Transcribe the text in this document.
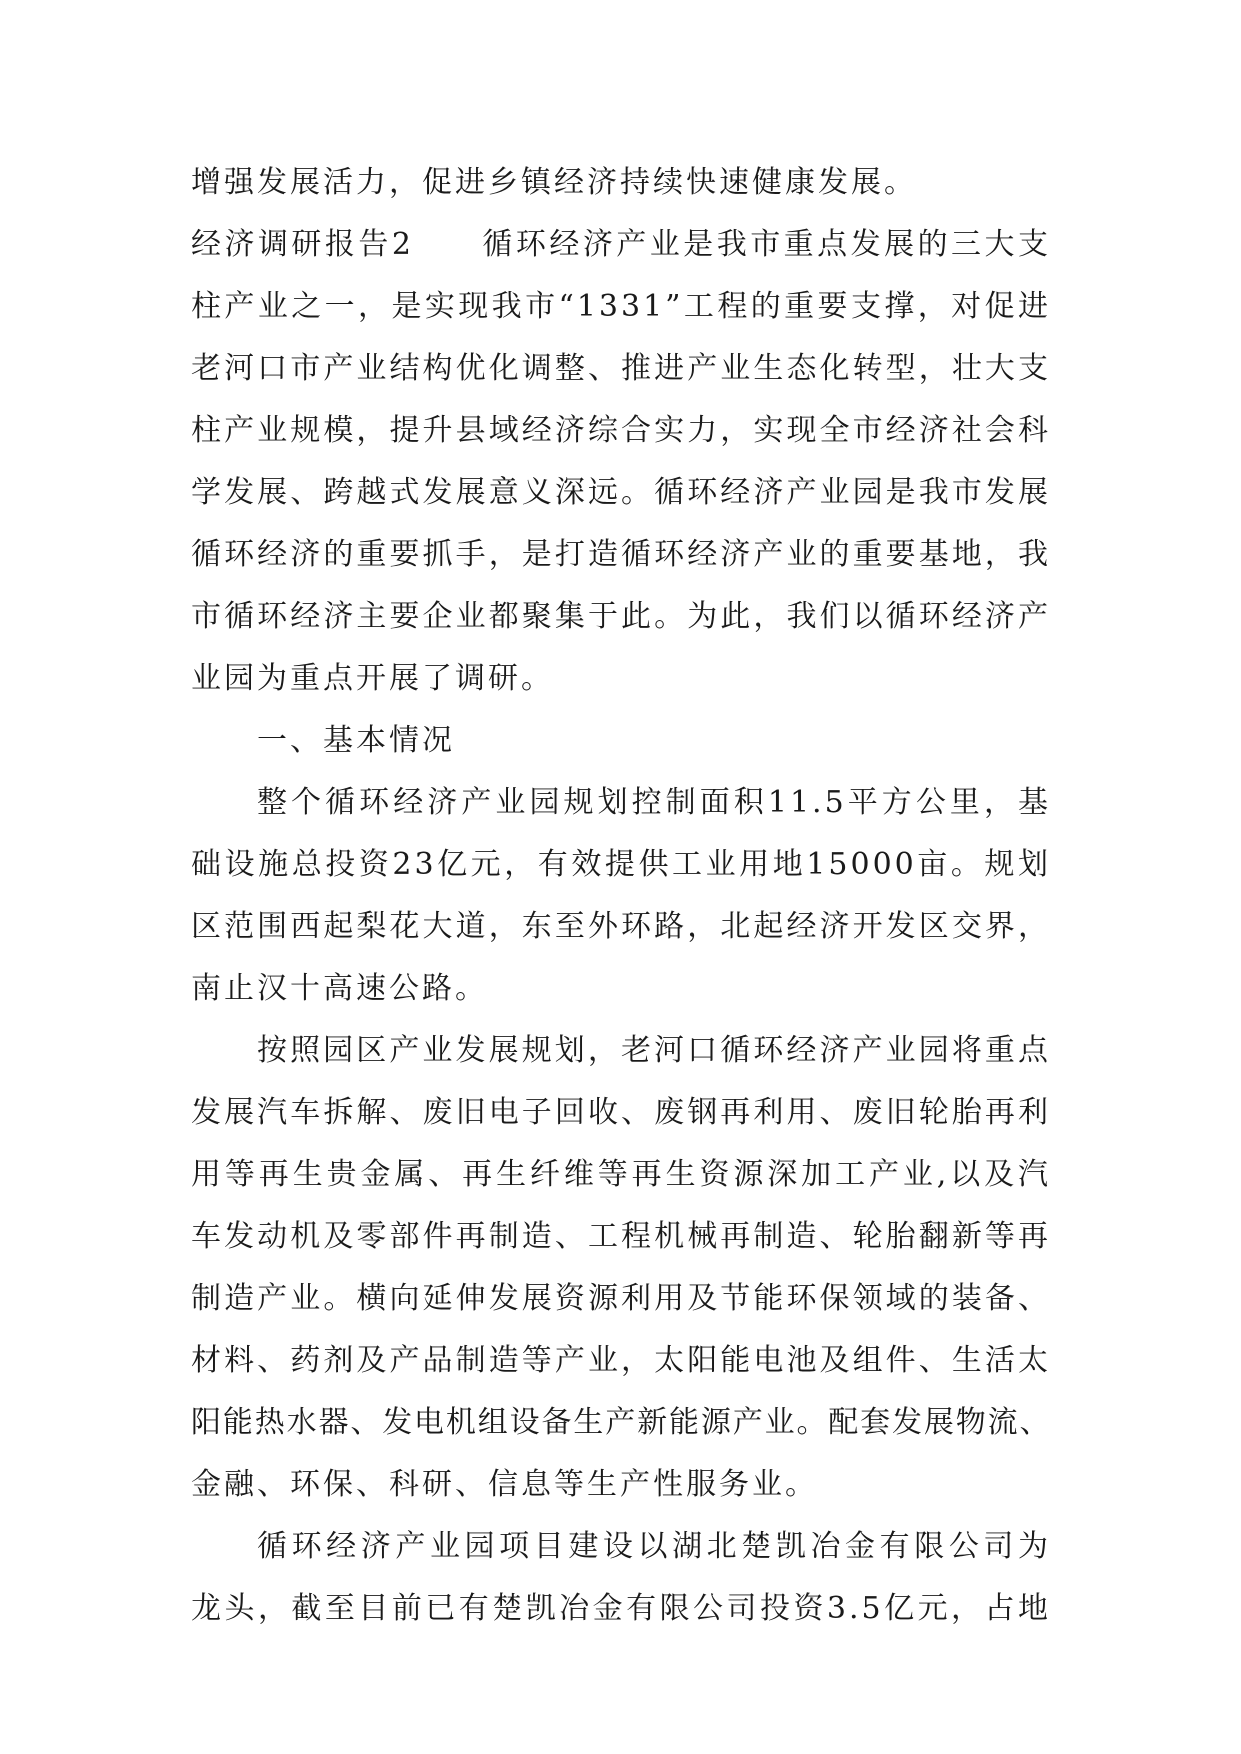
增强发展活力，促进乡镇经济持续快速健康发展。
经济调研报告2 循环经济产业是我市重点发展的三大支
柱产业之一，是实现我市“1331”工程的重要支撑，对促进
老河口市产业结构优化调整、推进产业生态化转型，壮大支
柱产业规模，提升县域经济综合实力，实现全市经济社会科
学发展、跨越式发展意义深远。循环经济产业园是我市发展
循环经济的重要抓手，是打造循环经济产业的重要基地，我
市循环经济主要企业都聚集于此。为此，我们以循环经济产
业园为重点开展了调研。
一、基本情况
整个循环经济产业园规划控制面积11.5平方公里，基
础设施总投资23亿元，有效提供工业用地15000亩。规划
区范围西起梨花大道，东至外环路，北起经济开发区交界，
南止汉十高速公路。
按照园区产业发展规划，老河口循环经济产业园将重点
发展汽车拆解、废旧电子回收、废钢再利用、废旧轮胎再利
用等再生贵金属、再生纤维等再生资源深加工产业,以及汽
车发动机及零部件再制造、工程机械再制造、轮胎翻新等再
制造产业。横向延伸发展资源利用及节能环保领域的装备、
材料、药剂及产品制造等产业，太阳能电池及组件、生活太
阳能热水器、发电机组设备生产新能源产业。配套发展物流、
金融、环保、科研、信息等生产性服务业。
循环经济产业园项目建设以湖北楚凯冶金有限公司为
龙头，截至目前已有楚凯冶金有限公司投资3.5亿元，占地
